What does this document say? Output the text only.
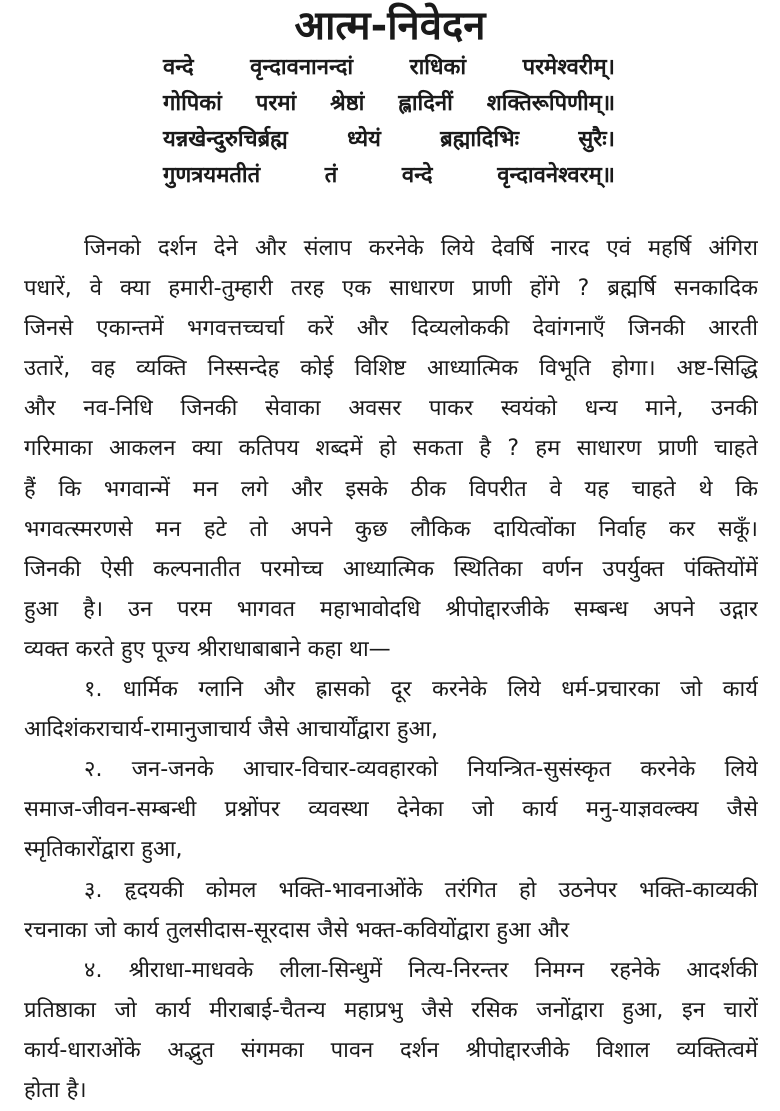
आत्म-निवेदन
वन्दे वृन्दावनानन्दां राधिकां परमेश्वरीम्।
गोपिकां परमां श्रेष्ठां ह्लादिनीं शक्तिरूपिणीम्॥
यन्नखेन्दुरुचिर्ब्रह्म ध्येयं ब्रह्मादिभिः सुरैः।
गुणत्रयमतीतं तं वन्दे वृन्दावनेश्वरम्॥
जिनको दर्शन देने और संलाप करनेके लिये देवर्षि नारद एवं महर्षि अंगिरा
पधारें, वे क्या हमारी-तुम्हारी तरह एक साधारण प्राणी होंगे ? ब्रह्मर्षि सनकादिक
जिनसे एकान्तमें भगवत्तच्चर्चा करें और दिव्यलोककी देवांगनाएँ जिनकी आरती
उतारें, वह व्यक्ति निस्सन्देह कोई विशिष्ट आध्यात्मिक विभूति होगा। अष्ट-सिद्धि
और नव-निधि जिनकी सेवाका अवसर पाकर स्वयंको धन्य माने, उनकी
गरिमाका आकलन क्या कतिपय शब्दमें हो सकता है ? हम साधारण प्राणी चाहते
हैं कि भगवान्में मन लगे और इसके ठीक विपरीत वे यह चाहते थे कि
भगवत्स्मरणसे मन हटे तो अपने कुछ लौकिक दायित्वोंका निर्वाह कर सकूँ।
जिनकी ऐसी कल्पनातीत परमोच्च आध्यात्मिक स्थितिका वर्णन उपर्युक्त पंक्तियोंमें
हुआ है। उन परम भागवत महाभावोदधि श्रीपोद्दारजीके सम्बन्ध अपने उद्गार
व्यक्त करते हुए पूज्य श्रीराधाबाबाने कहा था—
१. धार्मिक ग्लानि और ह्रासको दूर करनेके लिये धर्म-प्रचारका जो कार्य
आदिशंकराचार्य-रामानुजाचार्य जैसे आचार्योंद्वारा हुआ,
२. जन-जनके आचार-विचार-व्यवहारको नियन्त्रित-सुसंस्कृत करनेके लिये
समाज-जीवन-सम्बन्धी प्रश्नोंपर व्यवस्था देनेका जो कार्य मनु-याज्ञवल्क्य जैसे
स्मृतिकारोंद्वारा हुआ,
३. हृदयकी कोमल भक्ति-भावनाओंके तरंगित हो उठनेपर भक्ति-काव्यकी
रचनाका जो कार्य तुलसीदास-सूरदास जैसे भक्त-कवियोंद्वारा हुआ और
४. श्रीराधा-माधवके लीला-सिन्धुमें नित्य-निरन्तर निमग्न रहनेके आदर्शकी
प्रतिष्ठाका जो कार्य मीराबाई-चैतन्य महाप्रभु जैसे रसिक जनोंद्वारा हुआ, इन चारों
कार्य-धाराओंके अद्भुत संगमका पावन दर्शन श्रीपोद्दारजीके विशाल व्यक्तित्वमें
होता है।
